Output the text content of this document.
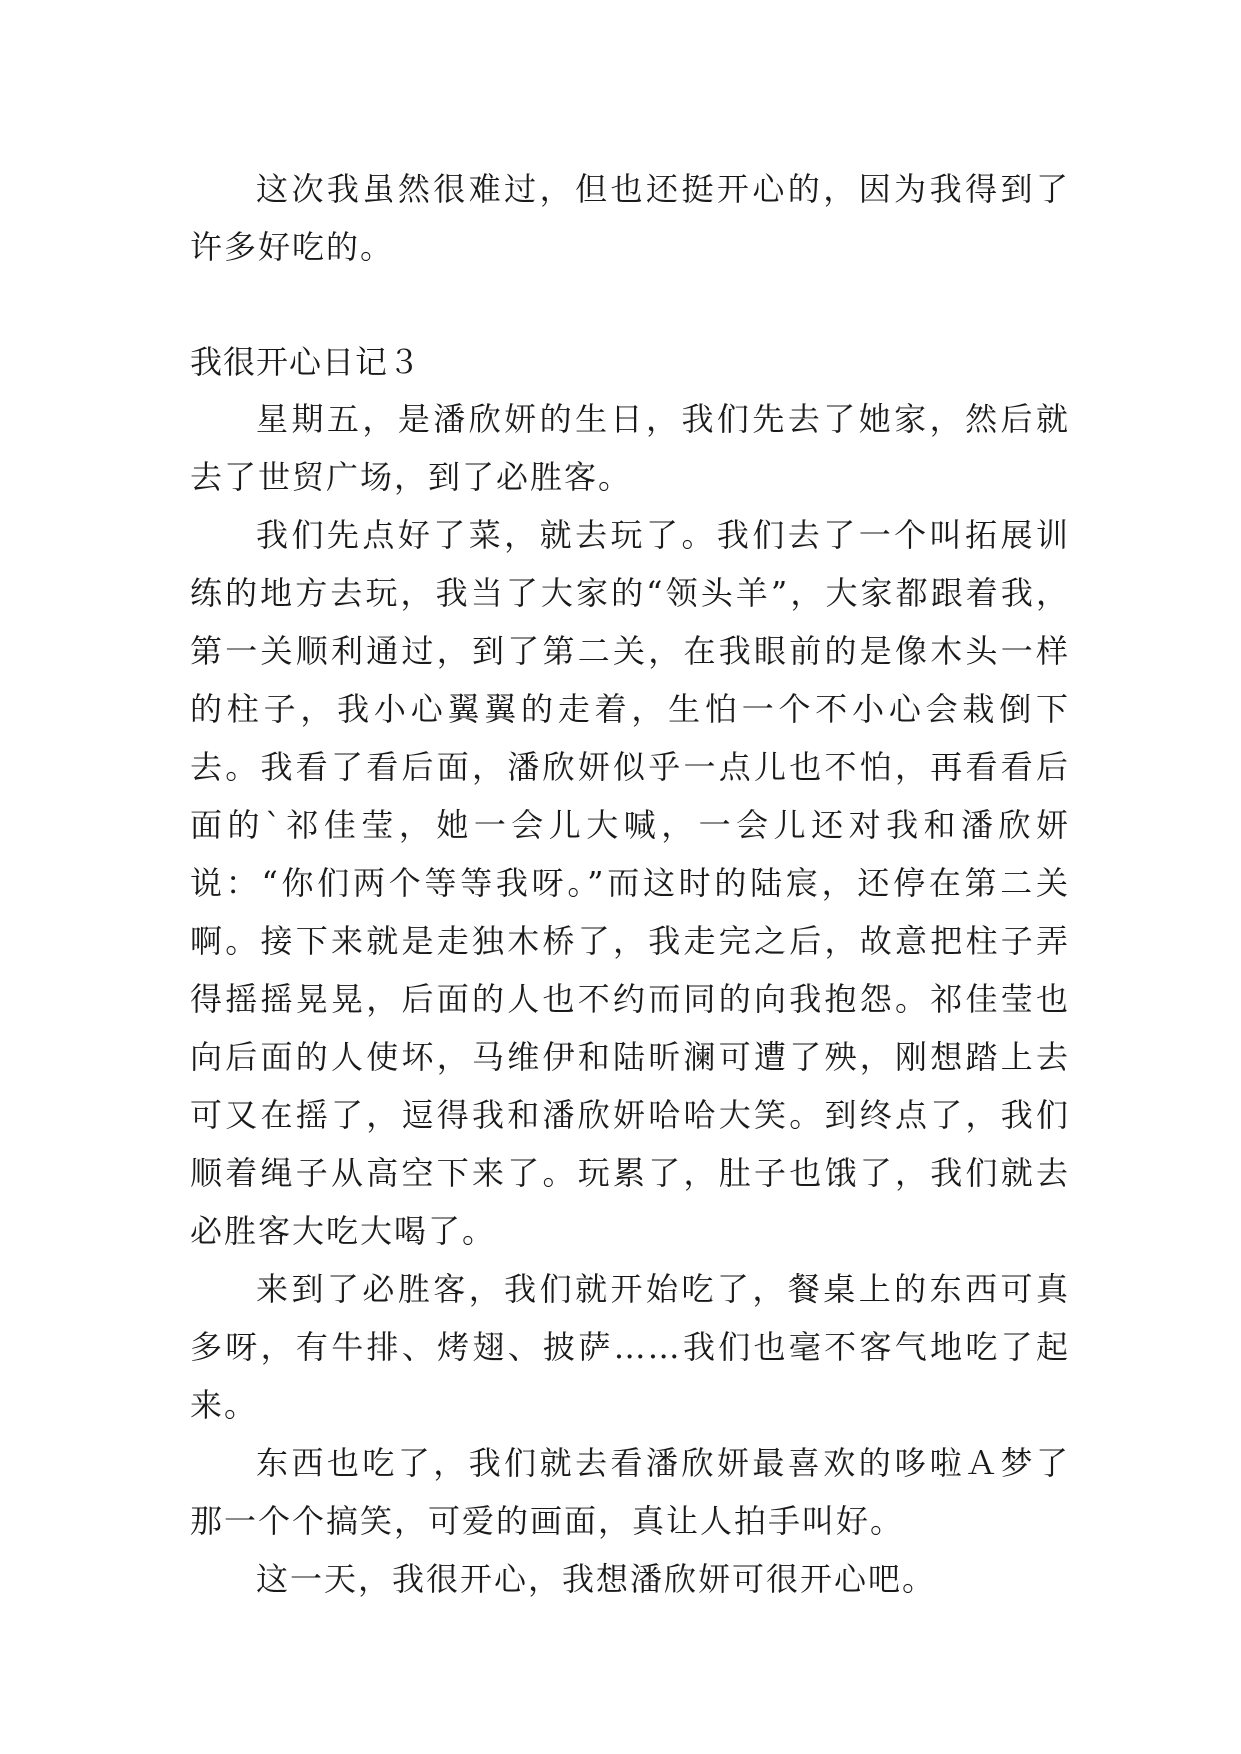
这次我虽然很难过，但也还挺开心的，因为我得到了许多好吃的。

我很开心日记３

星期五，是潘欣妍的生日，我们先去了她家，然后就去了世贸广场，到了必胜客。

我们先点好了菜，就去玩了。我们去了一个叫拓展训练的地方去玩，我当了大家的“领头羊”，大家都跟着我，第一关顺利通过，到了第二关，在我眼前的是像木头一样的柱子，我小心翼翼的走着，生怕一个不小心会栽倒下去。我看了看后面，潘欣妍似乎一点儿也不怕，再看看后面的`祁佳莹，她一会儿大喊，一会儿还对我和潘欣妍说：“你们两个等等我呀。”而这时的陆宸，还停在第二关啊。接下来就是走独木桥了，我走完之后，故意把柱子弄得摇摇晃晃，后面的人也不约而同的向我抱怨。祁佳莹也向后面的人使坏，马维伊和陆昕澜可遭了殃，刚想踏上去可又在摇了，逗得我和潘欣妍哈哈大笑。到终点了，我们顺着绳子从高空下来了。玩累了，肚子也饿了，我们就去必胜客大吃大喝了。

来到了必胜客，我们就开始吃了，餐桌上的东西可真多呀，有牛排、烤翅、披萨……我们也毫不客气地吃了起来。

东西也吃了，我们就去看潘欣妍最喜欢的哆啦Ａ梦了那一个个搞笑，可爱的画面，真让人拍手叫好。

这一天，我很开心，我想潘欣妍可很开心吧。
